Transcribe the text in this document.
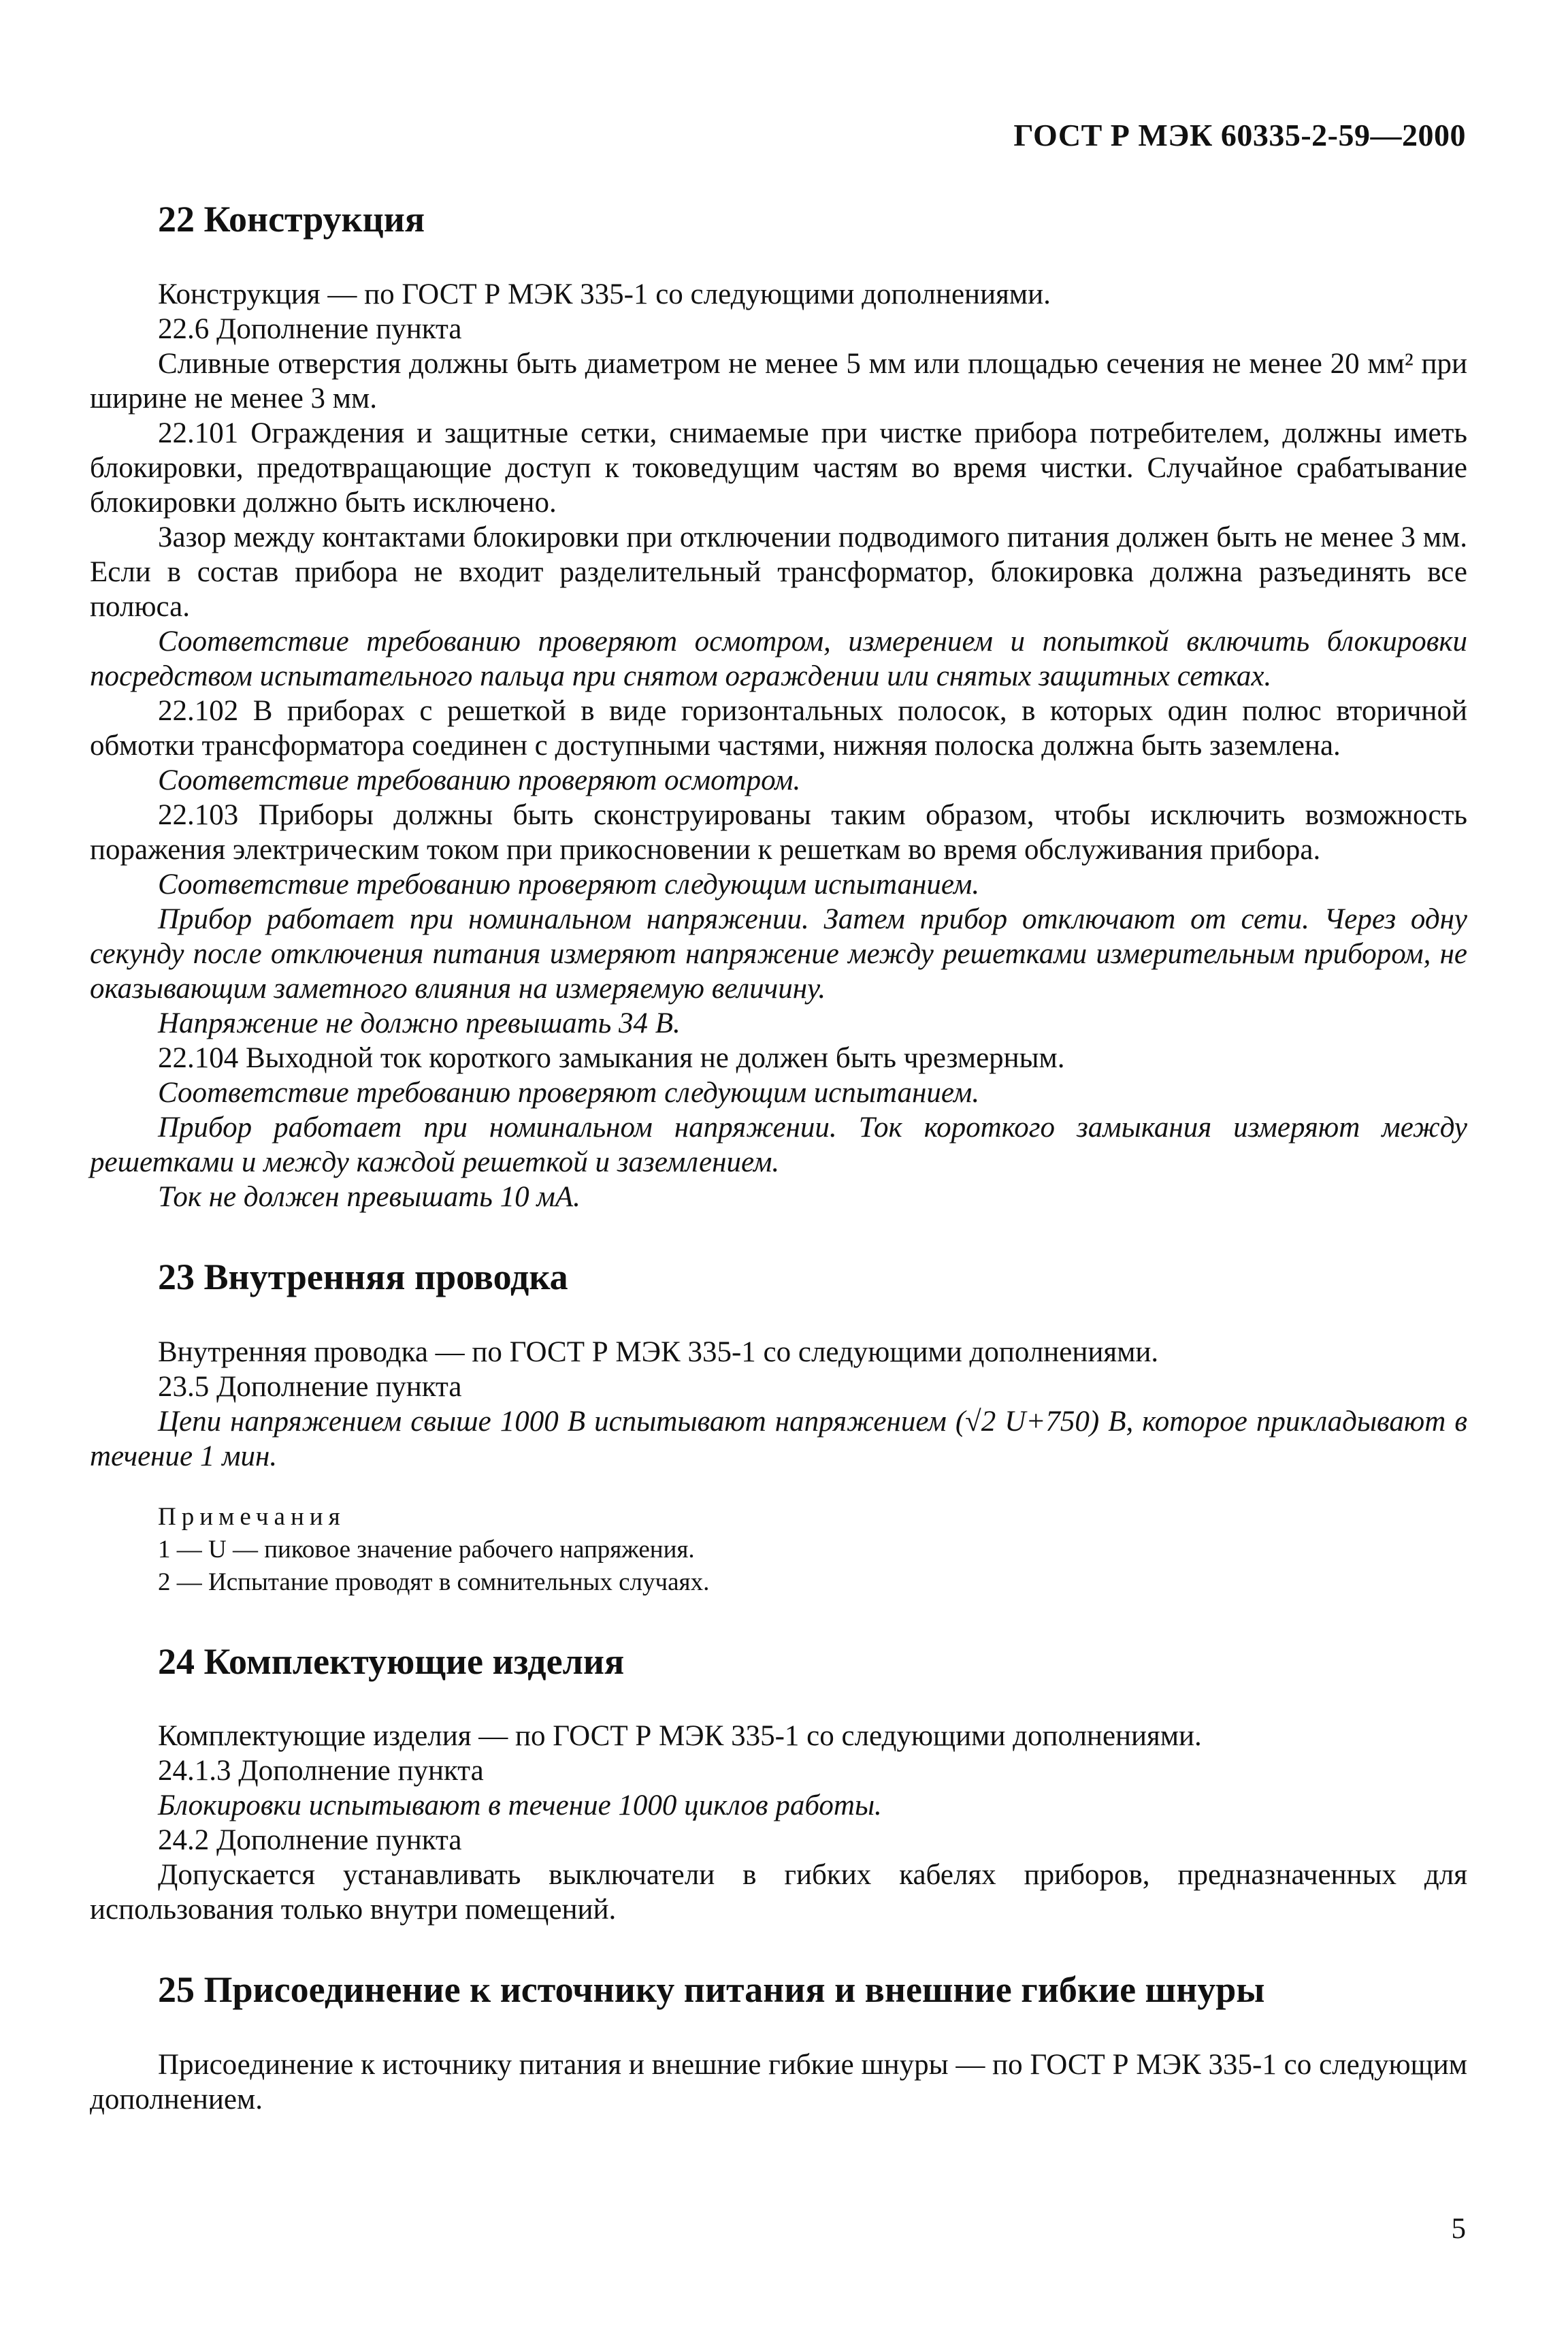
ГОСТ Р МЭК 60335-2-59—2000
22 Конструкция

Конструкция — по ГОСТ Р МЭК 335-1 со следующими дополнениями.

22.6 Дополнение пункта

Сливные отверстия должны быть диаметром не менее 5 мм или площадью сечения не менее 20 мм² при ширине не менее 3 мм.

22.101 Ограждения и защитные сетки, снимаемые при чистке прибора потребителем, должны иметь блокировки, предотвращающие доступ к токоведущим частям во время чистки. Случайное срабатывание блокировки должно быть исключено.

Зазор между контактами блокировки при отключении подводимого питания должен быть не менее 3 мм. Если в состав прибора не входит разделительный трансформатор, блокировка должна разъединять все полюса.

Соответствие требованию проверяют осмотром, измерением и попыткой включить блокировки посредством испытательного пальца при снятом ограждении или снятых защитных сетках.

22.102 В приборах с решеткой в виде горизонтальных полосок, в которых один полюс вторичной обмотки трансформатора соединен с доступными частями, нижняя полоска должна быть заземлена.

Соответствие требованию проверяют осмотром.

22.103 Приборы должны быть сконструированы таким образом, чтобы исключить возможность поражения электрическим током при прикосновении к решеткам во время обслуживания прибора.

Соответствие требованию проверяют следующим испытанием.

Прибор работает при номинальном напряжении. Затем прибор отключают от сети. Через одну секунду после отключения питания измеряют напряжение между решетками измерительным прибором, не оказывающим заметного влияния на измеряемую величину.

Напряжение не должно превышать 34 В.

22.104 Выходной ток короткого замыкания не должен быть чрезмерным.

Соответствие требованию проверяют следующим испытанием.

Прибор работает при номинальном напряжении. Ток короткого замыкания измеряют между решетками и между каждой решеткой и заземлением.

Ток не должен превышать 10 мА.

23 Внутренняя проводка

Внутренняя проводка — по ГОСТ Р МЭК 335-1 со следующими дополнениями.

23.5 Дополнение пункта

Цепи напряжением свыше 1000 В испытывают напряжением (√2 U+750) В, которое прикладывают в течение 1 мин.

Примечания

1 — U — пиковое значение рабочего напряжения.

2 — Испытание проводят в сомнительных случаях.

24 Комплектующие изделия

Комплектующие изделия — по ГОСТ Р МЭК 335-1 со следующими дополнениями.

24.1.3 Дополнение пункта

Блокировки испытывают в течение 1000 циклов работы.

24.2 Дополнение пункта

Допускается устанавливать выключатели в гибких кабелях приборов, предназначенных для использования только внутри помещений.

25 Присоединение к источнику питания и внешние гибкие шнуры

Присоединение к источнику питания и внешние гибкие шнуры — по ГОСТ Р МЭК 335-1 со следующим дополнением.

5
